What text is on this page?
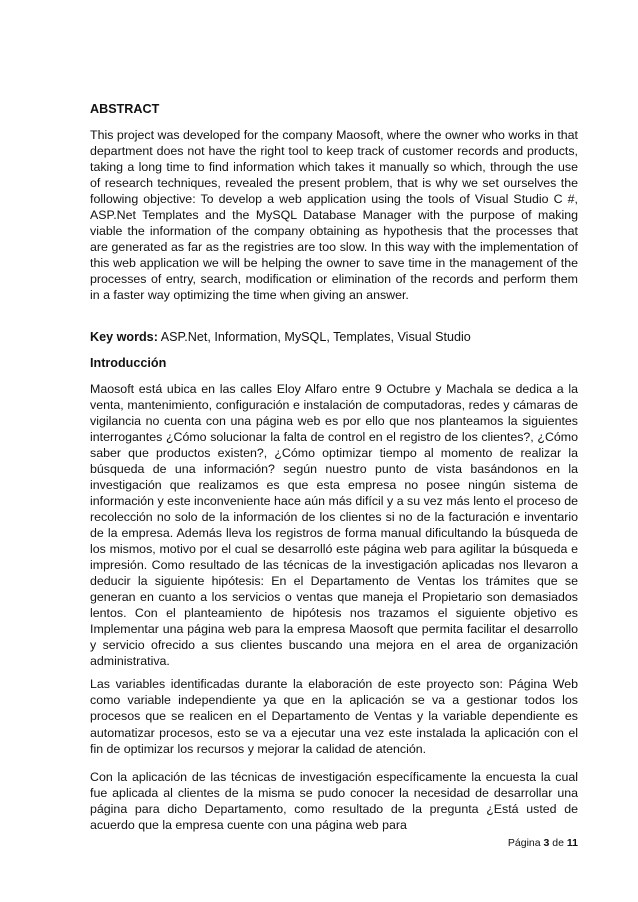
ABSTRACT

This project was developed for the company Maosoft, where the owner who works in that department does not have the right tool to keep track of customer records and products, taking a long time to find information which takes it manually so which, through the use of research techniques, revealed the present problem, that is why we set ourselves the following objective: To develop a web application using the tools of Visual Studio C #, ASP.Net Templates and the MySQL Database Manager with the purpose of making viable the information of the company obtaining as hypothesis that the processes that are generated as far as the registries are too slow. In this way with the implementation of this web application we will be helping the owner to save time in the management of the processes of entry, search, modification or elimination of the records and perform them in a faster way optimizing the time when giving an answer.

Key words: ASP.Net, Information, MySQL, Templates, Visual Studio
Introducción

Maosoft está ubica en las calles Eloy Alfaro entre 9 Octubre y Machala se dedica a la venta, mantenimiento, configuración e instalación de computadoras, redes y cámaras de vigilancia no cuenta con una página web es por ello que nos planteamos la siguientes interrogantes ¿Cómo solucionar la falta de control en el registro de los clientes?, ¿Cómo saber que productos existen?, ¿Cómo optimizar tiempo al momento de realizar la búsqueda de una información? según nuestro punto de vista basándonos en la investigación que realizamos es que esta empresa no posee ningún sistema de información y este inconveniente hace aún más difícil y a su vez más lento el proceso de recolección no solo de la información de los clientes si no de la facturación e inventario de la empresa. Además lleva los registros de forma manual dificultando la búsqueda de los mismos, motivo por el cual se desarrolló este página web para agilitar la búsqueda e impresión. Como resultado de las técnicas de la investigación aplicadas nos llevaron a deducir la siguiente hipótesis: En el Departamento de Ventas los trámites que se generan en cuanto a los servicios o ventas que maneja el Propietario son demasiados lentos. Con el planteamiento de hipótesis nos trazamos el siguiente objetivo es Implementar una página web para la empresa Maosoft que permita facilitar el desarrollo y servicio ofrecido a sus clientes buscando una mejora en el area de organización administrativa.

Las variables identificadas durante la elaboración de este proyecto son: Página Web como variable independiente ya que en la aplicación se va a gestionar todos los procesos que se realicen en el Departamento de Ventas y la variable dependiente es automatizar procesos, esto se va a ejecutar una vez este instalada la aplicación con el fin de optimizar los recursos y mejorar la calidad de atención.

Con la aplicación de las técnicas de investigación específicamente la encuesta la cual fue aplicada al clientes de la misma se pudo conocer la necesidad de desarrollar una página para dicho Departamento, como resultado de la pregunta ¿Está usted de acuerdo que la empresa cuente con una página web para

Página 3 de 11
